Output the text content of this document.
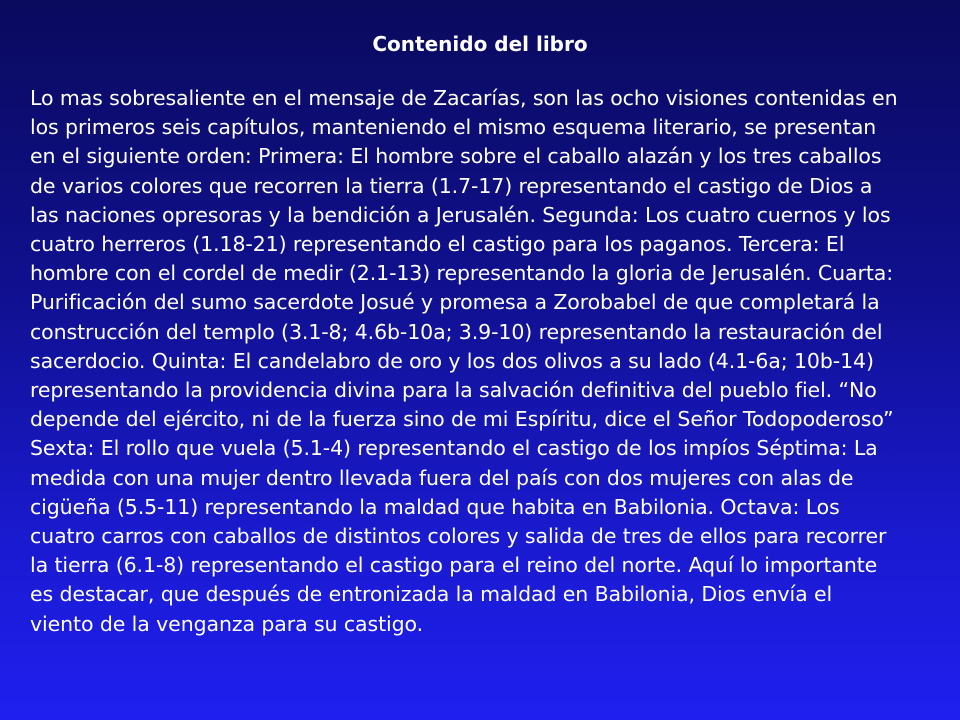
Contenido del libro

Lo mas sobresaliente en el mensaje de Zacarías, son las ocho visiones contenidas en los primeros seis capítulos, manteniendo el mismo esquema literario, se presentan en el siguiente orden: Primera: El hombre sobre el caballo alazán y los tres caballos de varios colores que recorren la tierra (1.7-17) representando el castigo de Dios a las naciones opresoras y la bendición a Jerusalén. Segunda: Los cuatro cuernos y los cuatro herreros (1.18-21) representando el castigo para los paganos. Tercera: El hombre con el cordel de medir (2.1-13) representando la gloria de Jerusalén. Cuarta: Purificación del sumo sacerdote Josué y promesa a Zorobabel de que completará la construcción del templo (3.1-8; 4.6b-10a; 3.9-10) representando la restauración del sacerdocio. Quinta: El candelabro de oro y los dos olivos a su lado (4.1-6a; 10b-14) representando la providencia divina para la salvación definitiva del pueblo fiel. “No depende del ejército, ni de la fuerza sino de mi Espíritu, dice el Señor Todopoderoso” Sexta: El rollo que vuela (5.1-4) representando el castigo de los impíos Séptima: La medida con una mujer dentro llevada fuera del país con dos mujeres con alas de cigüeña (5.5-11) representando la maldad que habita en Babilonia. Octava: Los cuatro carros con caballos de distintos colores y salida de tres de ellos para recorrer la tierra (6.1-8) representando el castigo para el reino del norte. Aquí lo importante es destacar, que después de entronizada la maldad en Babilonia, Dios envía el viento de la venganza para su castigo.
